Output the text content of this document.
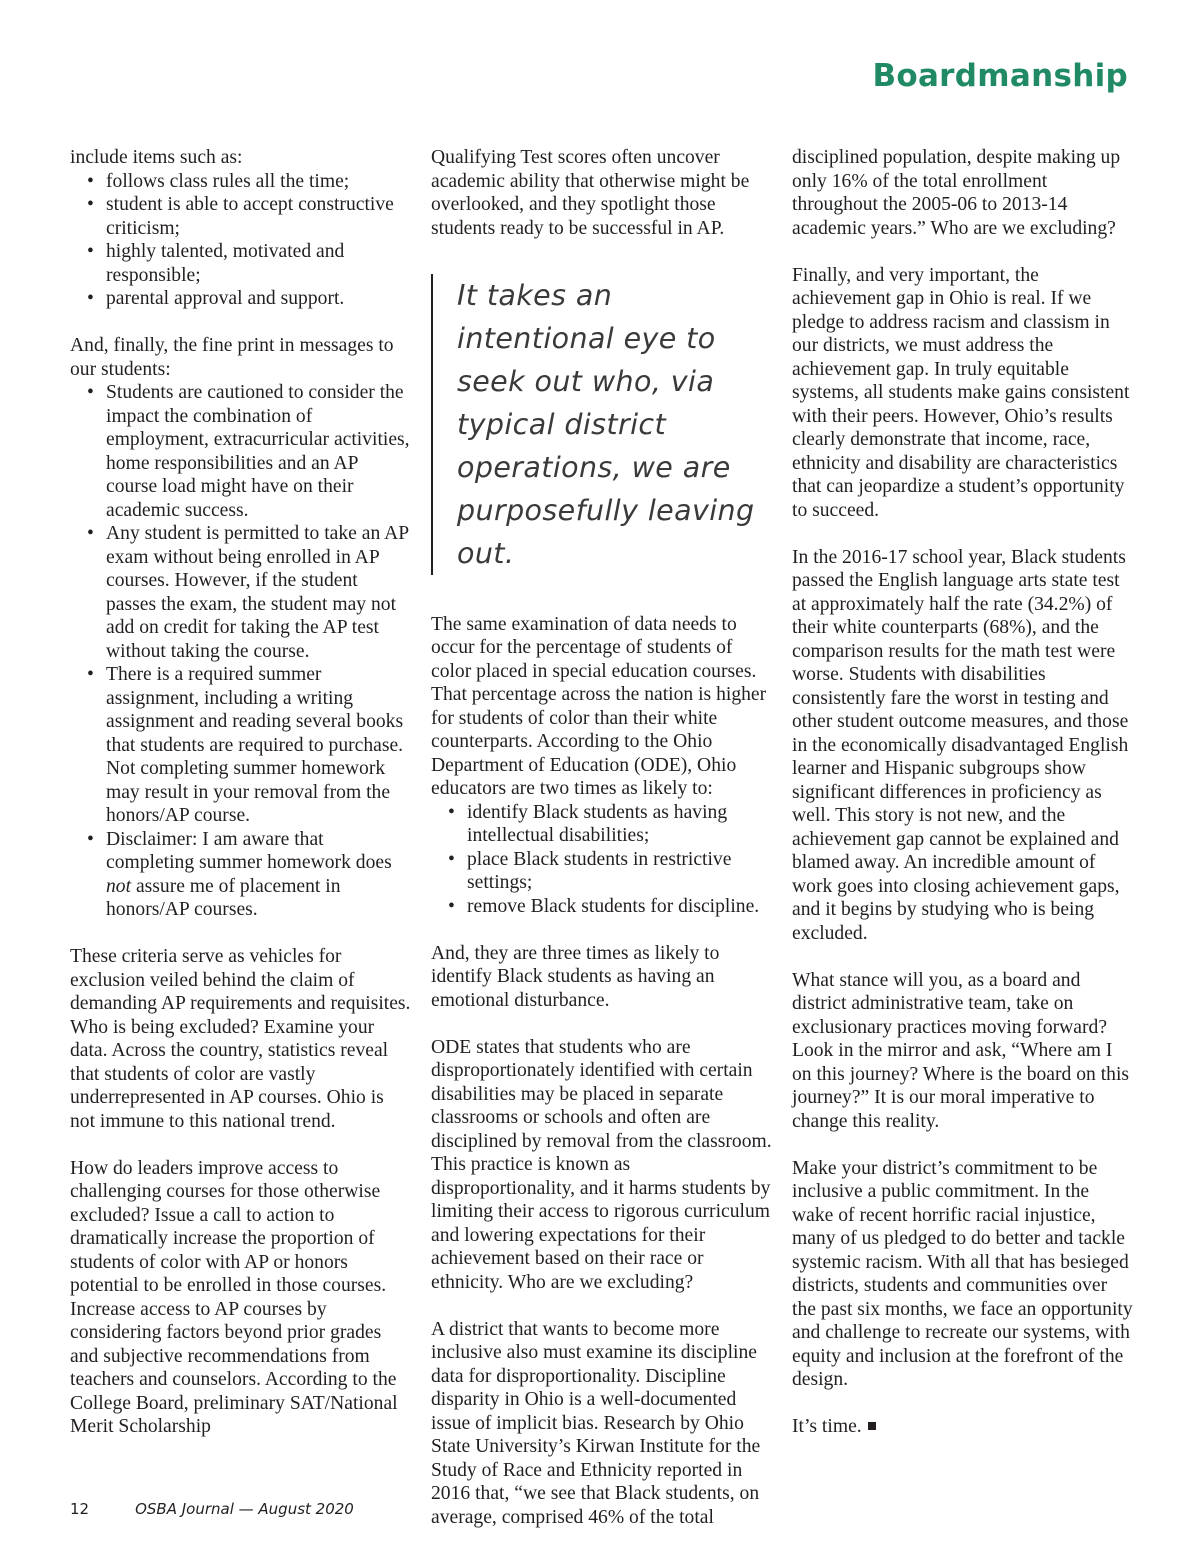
Boardmanship

include items such as:

• follows class rules all the time;
• student is able to accept constructive criticism;
• highly talented, motivated and responsible;
• parental approval and support.

And, finally, the fine print in messages to our students:

• Students are cautioned to consider the impact the combination of employment, extracurricular activities, home responsibilities and an AP course load might have on their academic success.
• Any student is permitted to take an AP exam without being enrolled in AP courses. However, if the student passes the exam, the student may not add on credit for taking the AP test without taking the course.
• There is a required summer assignment, including a writing assignment and reading several books that students are required to purchase. Not completing summer homework may result in your removal from the honors/AP course.
• Disclaimer: I am aware that completing summer homework does not assure me of placement in honors/AP courses.

These criteria serve as vehicles for exclusion veiled behind the claim of demanding AP requirements and requisites. Who is being excluded? Examine your data. Across the country, statistics reveal that students of color are vastly underrepresented in AP courses. Ohio is not immune to this national trend.

How do leaders improve access to challenging courses for those otherwise excluded? Issue a call to action to dramatically increase the proportion of students of color with AP or honors potential to be enrolled in those courses. Increase access to AP courses by considering factors beyond prior grades and subjective recommendations from teachers and counselors. According to the College Board, preliminary SAT/National Merit Scholarship

Qualifying Test scores often uncover academic ability that otherwise might be overlooked, and they spotlight those students ready to be successful in AP.

It takes an intentional eye to seek out who, via typical district operations, we are purposefully leaving out.

The same examination of data needs to occur for the percentage of students of color placed in special education courses. That percentage across the nation is higher for students of color than their white counterparts. According to the Ohio Department of Education (ODE), Ohio educators are two times as likely to:

• identify Black students as having intellectual disabilities;
• place Black students in restrictive settings;
• remove Black students for discipline.

And, they are three times as likely to identify Black students as having an emotional disturbance.

ODE states that students who are disproportionately identified with certain disabilities may be placed in separate classrooms or schools and often are disciplined by removal from the classroom. This practice is known as disproportionality, and it harms students by limiting their access to rigorous curriculum and lowering expectations for their achievement based on their race or ethnicity. Who are we excluding?

A district that wants to become more inclusive also must examine its discipline data for disproportionality. Discipline disparity in Ohio is a well-documented issue of implicit bias. Research by Ohio State University’s Kirwan Institute for the Study of Race and Ethnicity reported in 2016 that, “we see that Black students, on average, comprised 46% of the total

disciplined population, despite making up only 16% of the total enrollment throughout the 2005-06 to 2013-14 academic years.” Who are we excluding?

Finally, and very important, the achievement gap in Ohio is real. If we pledge to address racism and classism in our districts, we must address the achievement gap. In truly equitable systems, all students make gains consistent with their peers. However, Ohio’s results clearly demonstrate that income, race, ethnicity and disability are characteristics that can jeopardize a student’s opportunity to succeed.

In the 2016-17 school year, Black students passed the English language arts state test at approximately half the rate (34.2%) of their white counterparts (68%), and the comparison results for the math test were worse. Students with disabilities consistently fare the worst in testing and other student outcome measures, and those in the economically disadvantaged English learner and Hispanic subgroups show significant differences in proficiency as well. This story is not new, and the achievement gap cannot be explained and blamed away. An incredible amount of work goes into closing achievement gaps, and it begins by studying who is being excluded.

What stance will you, as a board and district administrative team, take on exclusionary practices moving forward? Look in the mirror and ask, “Where am I on this journey? Where is the board on this journey?” It is our moral imperative to change this reality.

Make your district’s commitment to be inclusive a public commitment. In the wake of recent horrific racial injustice, many of us pledged to do better and tackle systemic racism. With all that has besieged districts, students and communities over the past six months, we face an opportunity and challenge to recreate our systems, with equity and inclusion at the forefront of the design.

It’s time.

12	OSBA Journal — August 2020
